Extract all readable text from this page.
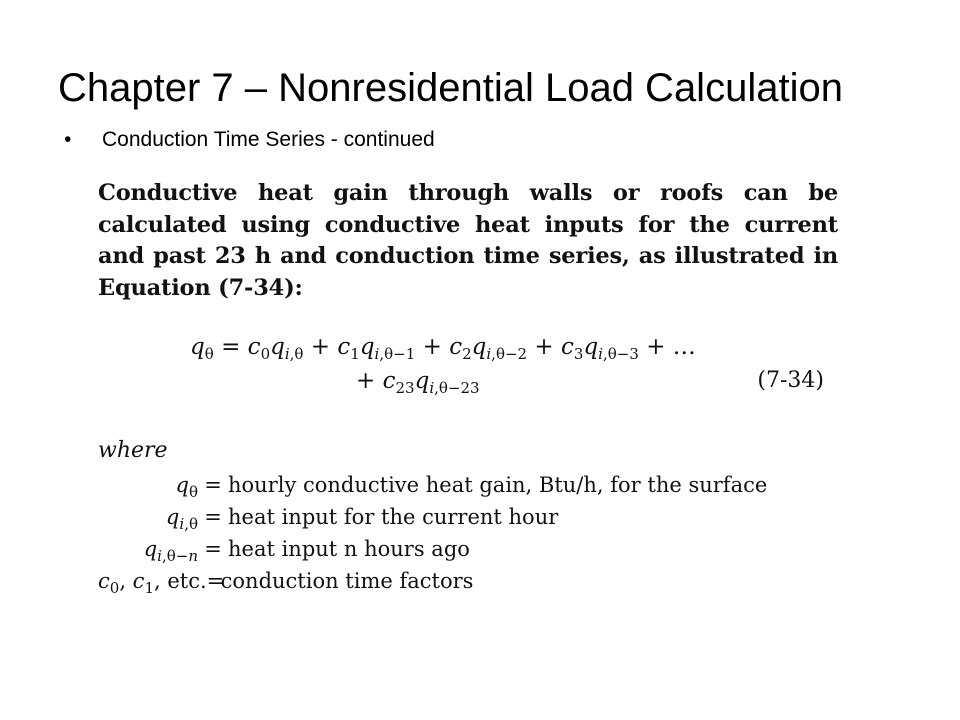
Chapter 7 – Nonresidential Load Calculation
• Conduction Time Series - continued

Conductive heat gain through walls or roofs can be calculated using conductive heat inputs for the current and past 23 h and conduction time series, as illustrated in Equation (7-34):

$q_\theta = c_0q_{i,\theta} + c_1q_{i,\theta-1} + c_2q_{i,\theta-2} + c_3q_{i,\theta-3}$ + …
+ $c_{23}q_{i,\theta-23}$	(7-34)
where
$q_\theta$ = hourly conductive heat gain, Btu/h, for the surface
$q_{i,\theta}$ = heat input for the current hour
$q_{i,\theta-n}$ = heat input n hours ago
$c_0$, $c_1$, etc. =
conduction time factors
